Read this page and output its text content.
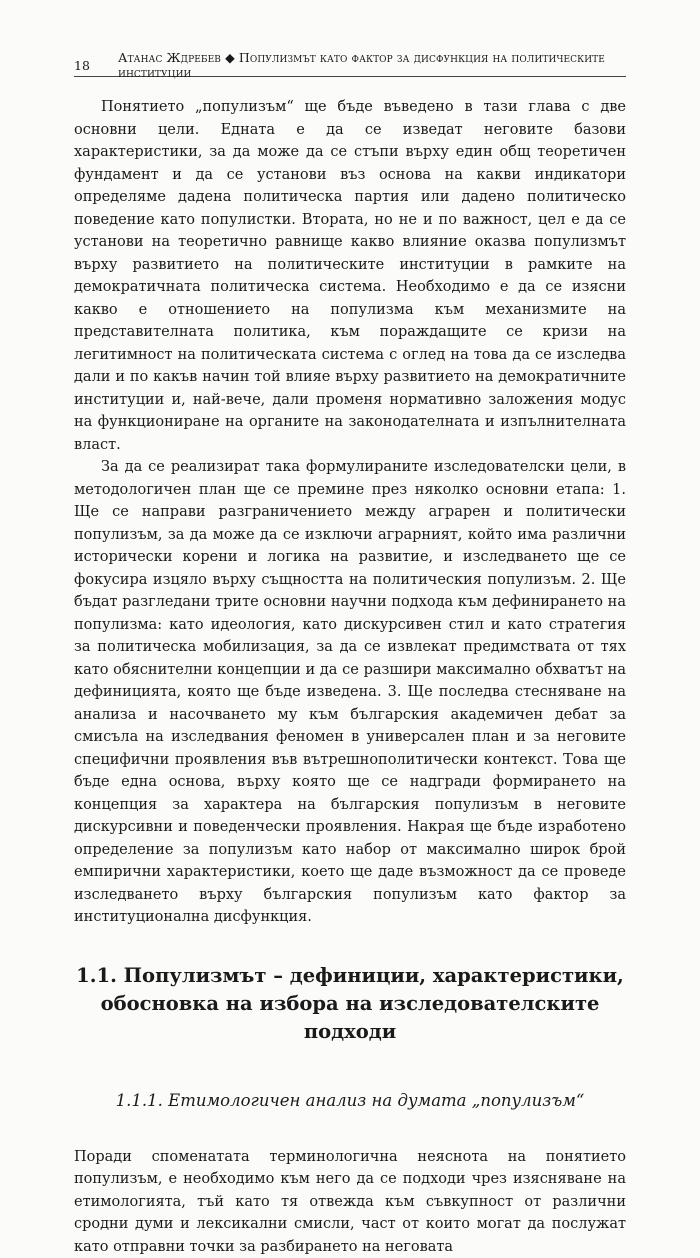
18	Атанас Ждребев ◆ Популизмът като фактор за дисфункция на политическите институции

Понятието „популизъм“ ще бъде въведено в тази глава с две основни цели. Едната е да се изведат неговите базови характеристики, за да може да се стъпи върху един общ теоретичен фундамент и да се установи въз основа на какви индикатори определяме дадена политическа партия или дадено политическо поведение като популистки. Втората, но не и по важност, цел е да се установи на теоретично равнище какво влияние оказва популизмът върху развитието на политическите институции в рамките на демократичната политическа система. Необходимо е да се изясни какво е отношението на популизма към механизмите на представителната политика, към пораждащите се кризи на легитимност на политическата система с оглед на това да се изследва дали и по какъв начин той влияе върху развитието на демократичните институции и, най-вече, дали променя нормативно заложения модус на функциониране на органите на законодателната и изпълнителната власт.

За да се реализират така формулираните изследователски цели, в методологичен план ще се премине през няколко основни етапа: 1. Ще се направи разграничението между аграрен и политически популизъм, за да може да се изключи аграрният, който има различни исторически корени и логика на развитие, и изследването ще се фокусира изцяло върху същността на политическия популизъм. 2. Ще бъдат разгледани трите основни научни подхода към дефинирането на популизма: като идеология, като дискурсивен стил и като стратегия за политическа мобилизация, за да се извлекат предимствата от тях като обяснителни концепции и да се разшири максимално обхватът на дефиницията, която ще бъде изведена. 3. Ще последва стесняване на анализа и насочването му към българския академичен дебат за смисъла на изследвания феномен в универсален план и за неговите специфични проявления във вътрешнополитически контекст. Това ще бъде една основа, върху която ще се надгради формирането на концепция за характера на българския популизъм в неговите дискурсивни и поведенчески проявления. Накрая ще бъде изработено определение за популизъм като набор от максимално широк брой емпирични характеристики, което ще даде възможност да се проведе изследването върху българския популизъм като фактор за институционална дисфункция.

1.1. Популизмът – дефиниции, характеристики, обосновка на избора на изследователските подходи
1.1.1. Етимологичен анализ на думата „популизъм“

Поради споменатата терминологична неяснота на понятието популизъм, е необходимо към него да се подходи чрез изясняване на етимологията, тъй като тя отвежда към съвкупност от различни сродни думи и лексикални смисли, част от които могат да послужат като отправни точки за разбирането на неговата
